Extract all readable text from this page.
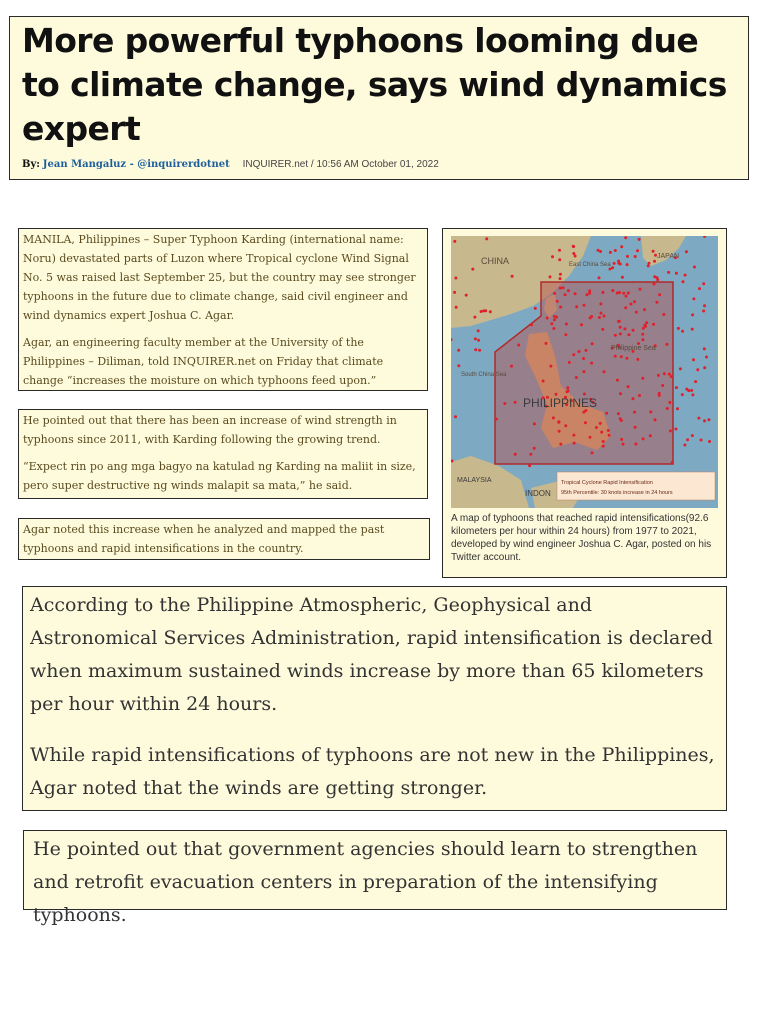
More powerful typhoons looming due to climate change, says wind dynamics expert
By: Jean Mangaluz - @inquirerdotnet INQUIRER.net / 10:56 AM October 01, 2022

MANILA, Philippines – Super Typhoon Karding (international name: Noru) devastated parts of Luzon where Tropical cyclone Wind Signal No. 5 was raised last September 25, but the country may see stronger typhoons in the future due to climate change, said civil engineer and wind dynamics expert Joshua C. Agar.

Agar, an engineering faculty member at the University of the Philippines – Diliman, told INQUIRER.net on Friday that climate change “increases the moisture on which typhoons feed upon.”

He pointed out that there has been an increase of wind strength in typhoons since 2011, with Karding following the growing trend.

“Expect rin po ang mga bagyo na katulad ng Karding na maliit in size, pero super destructive ng winds malapit sa mata,” he said.

Agar noted this increase when he analyzed and mapped the past typhoons and rapid intensifications in the country.

CHINA	East China Sea
JAPAN
PHILIPPINES
Philippine Sea
South China Sea
MALAYSIA
INDON
Tropical Cyclone Rapid Intensification
95th Percentile: 30 knots increase in 24 hours
A map of typhoons that reached rapid intensifications(92.6 kilometers per hour within 24 hours) from 1977 to 2021, developed by wind engineer Joshua C. Agar, posted on his Twitter account.

According to the Philippine Atmospheric, Geophysical and Astronomical Services Administration, rapid intensification is declared when maximum sustained winds increase by more than 65 kilometers per hour within 24 hours.

While rapid intensifications of typhoons are not new in the Philippines, Agar noted that the winds are getting stronger.

He pointed out that government agencies should learn to strengthen and retrofit evacuation centers in preparation of the intensifying typhoons.
